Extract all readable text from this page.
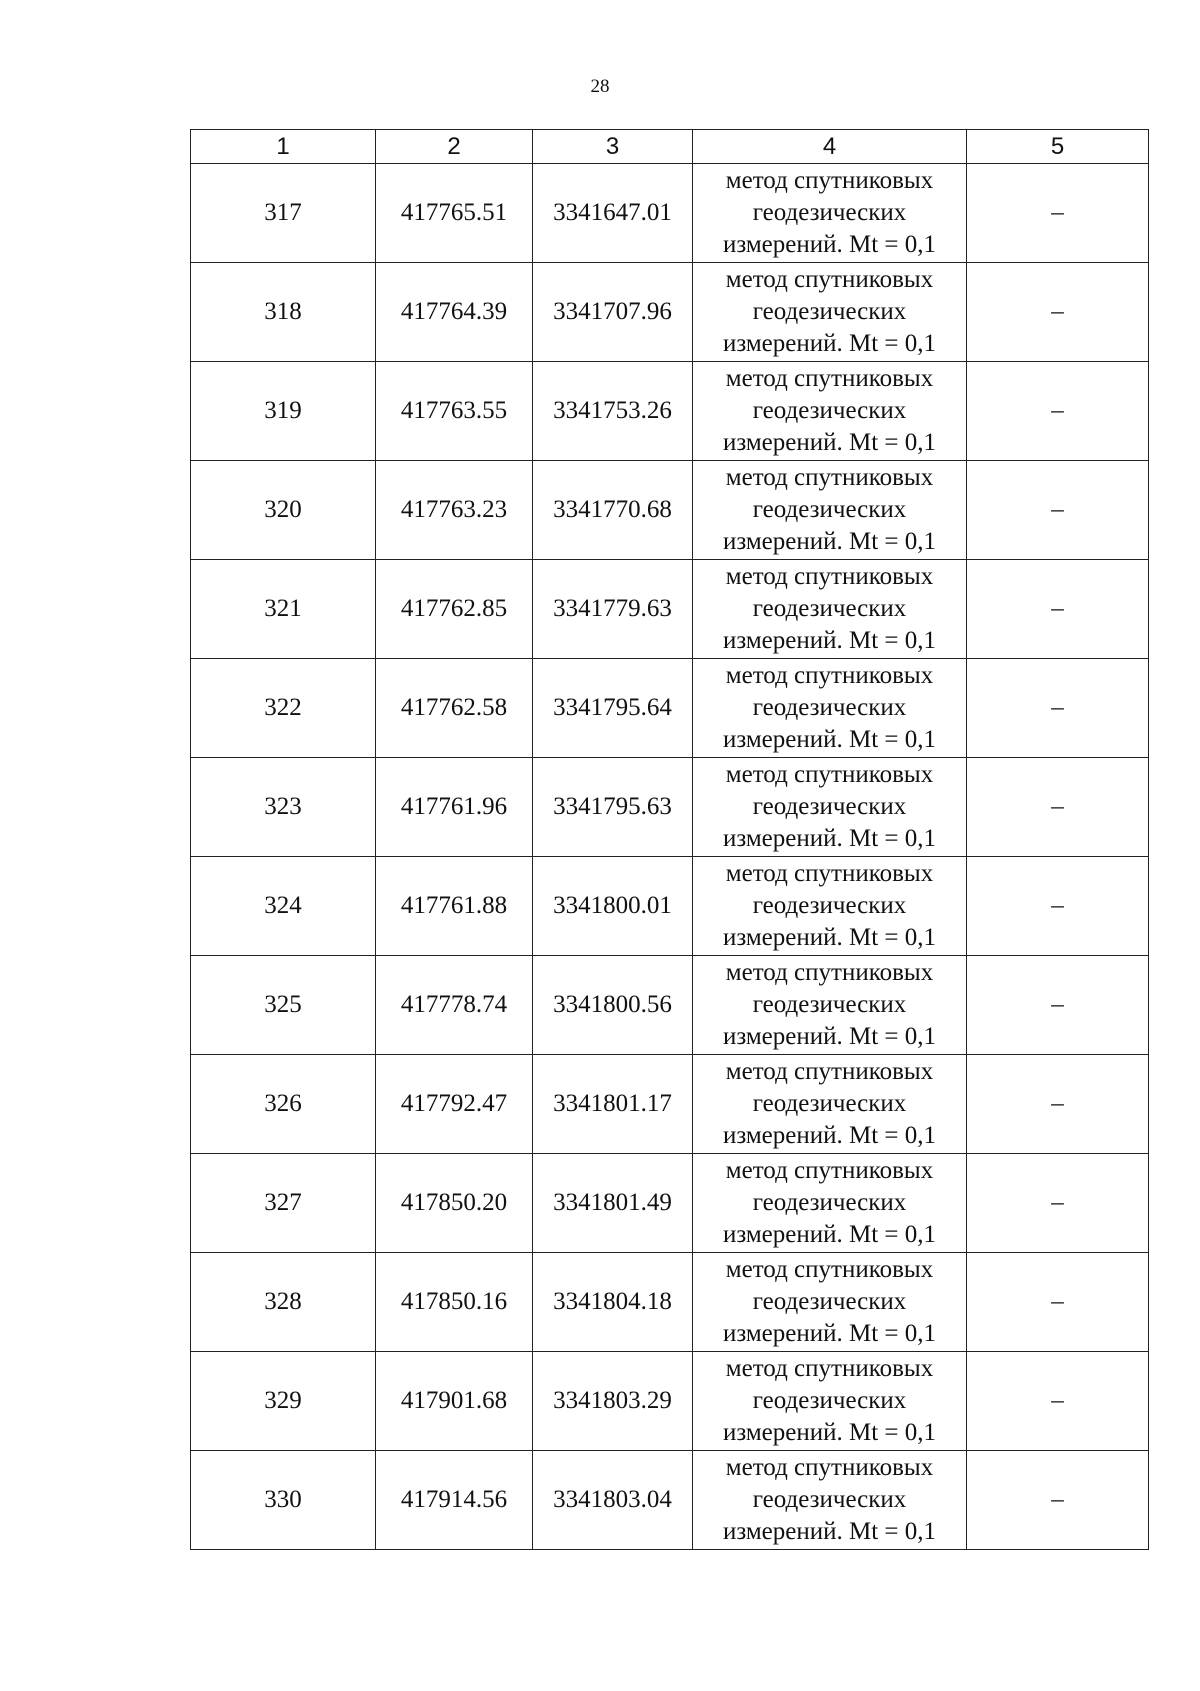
28
1	2	3	4	5
317	417765.51	3341647.01	метод спутниковых
геодезических
измерений. Mt = 0,1	–
318	417764.39	3341707.96	метод спутниковых
геодезических
измерений. Mt = 0,1	–
319	417763.55	3341753.26	метод спутниковых
геодезических
измерений. Mt = 0,1	–
320	417763.23	3341770.68	метод спутниковых
геодезических
измерений. Mt = 0,1	–
321	417762.85	3341779.63	метод спутниковых
геодезических
измерений. Mt = 0,1	–
322	417762.58	3341795.64	метод спутниковых
геодезических
измерений. Mt = 0,1	–
323	417761.96	3341795.63	метод спутниковых
геодезических
измерений. Mt = 0,1	–
324	417761.88	3341800.01	метод спутниковых
геодезических
измерений. Mt = 0,1	–
325	417778.74	3341800.56	метод спутниковых
геодезических
измерений. Mt = 0,1	–
326	417792.47	3341801.17	метод спутниковых
геодезических
измерений. Mt = 0,1	–
327	417850.20	3341801.49	метод спутниковых
геодезических
измерений. Mt = 0,1	–
328	417850.16	3341804.18	метод спутниковых
геодезических
измерений. Mt = 0,1	–
329	417901.68	3341803.29	метод спутниковых
геодезических
измерений. Mt = 0,1	–
330	417914.56	3341803.04	метод спутниковых
геодезических
измерений. Mt = 0,1	–
